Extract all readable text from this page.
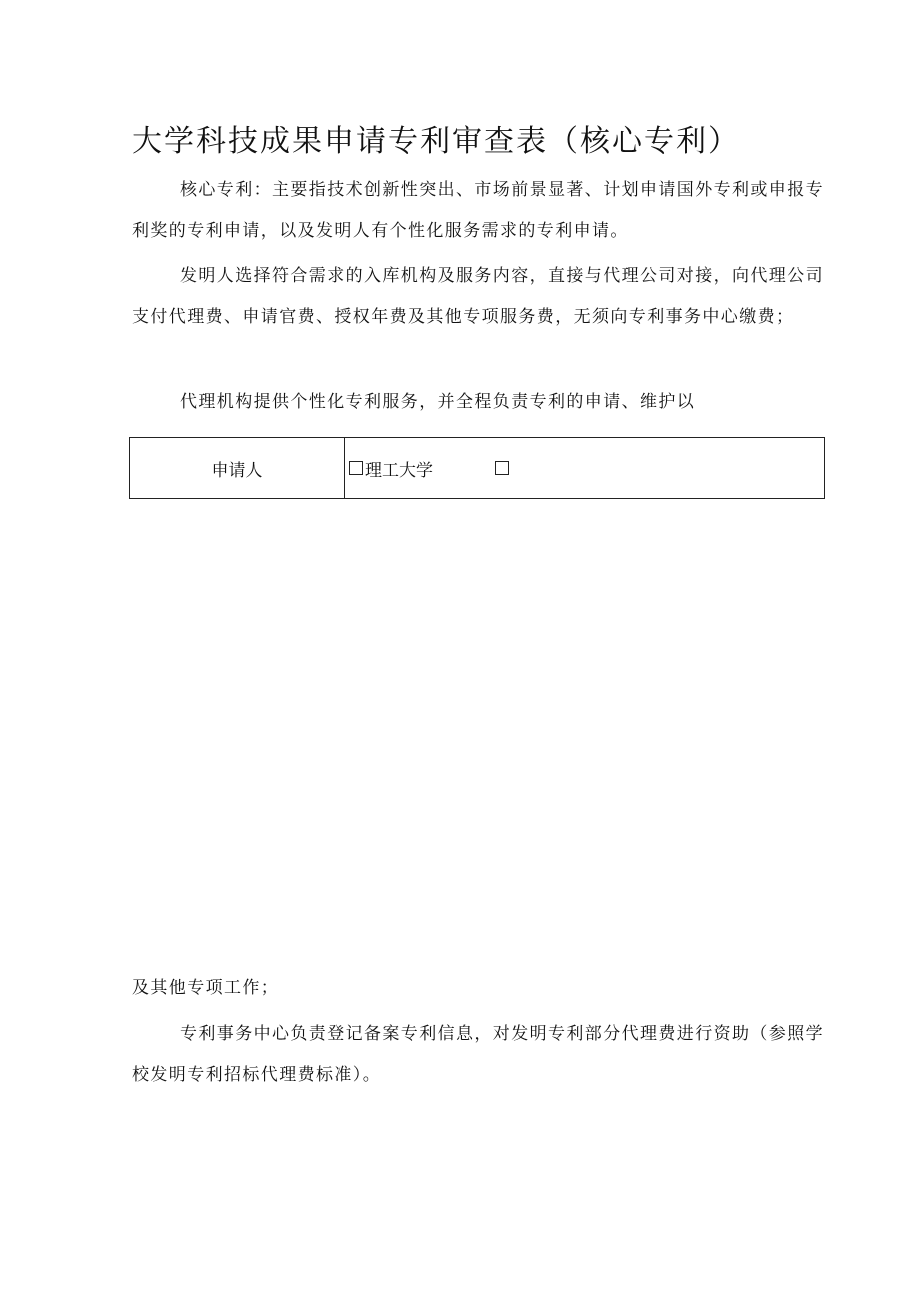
大学科技成果申请专利审查表（核心专利）

核心专利：主要指技术创新性突出、市场前景显著、计划申请国外专利或申报专利奖的专利申请，以及发明人有个性化服务需求的专利申请。

发明人选择符合需求的入库机构及服务内容，直接与代理公司对接，向代理公司支付代理费、申请官费、授权年费及其他专项服务费，无须向专利事务中心缴费；

代理机构提供个性化专利服务，并全程负责专利的申请、维护以

申请人	理工大学

及其他专项工作；

专利事务中心负责登记备案专利信息，对发明专利部分代理费进行资助（参照学校发明专利招标代理费标准）。
